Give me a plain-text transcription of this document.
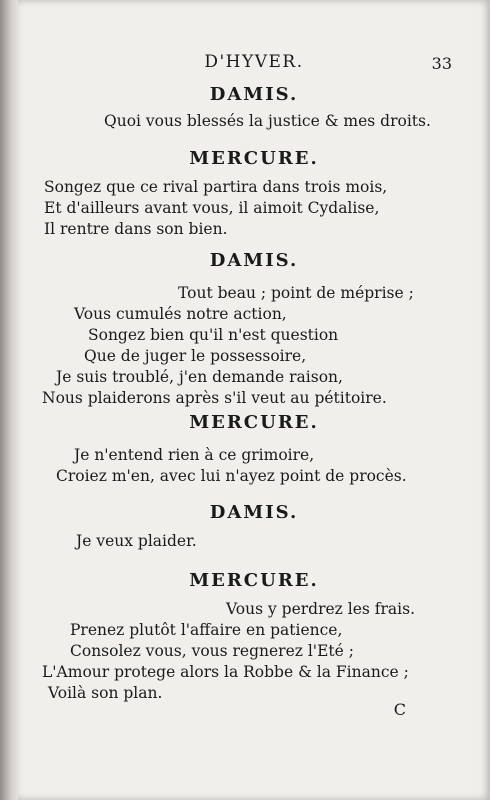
D'HYVER.	33
DAMIS.
Quoi vous blessés la justice & mes droits.
MERCURE.
Songez que ce rival partira dans trois mois,
Et d'ailleurs avant vous, il aimoit Cydalise,
Il rentre dans son bien.
DAMIS.
Tout beau ; point de méprise ;
Vous cumulés notre action,
Songez bien qu'il n'est question
Que de juger le possessoire,
Je suis troublé, j'en demande raison,
Nous plaiderons après s'il veut au pétitoire.
MERCURE.
Je n'entend rien à ce grimoire,
Croiez m'en, avec lui n'ayez point de procès.
DAMIS.
Je veux plaider.
MERCURE.
Vous y perdrez les frais.
Prenez plutôt l'affaire en patience,
Consolez vous, vous regnerez l'Eté ;
L'Amour protege alors la Robbe & la Finance ;
Voilà son plan.
C
